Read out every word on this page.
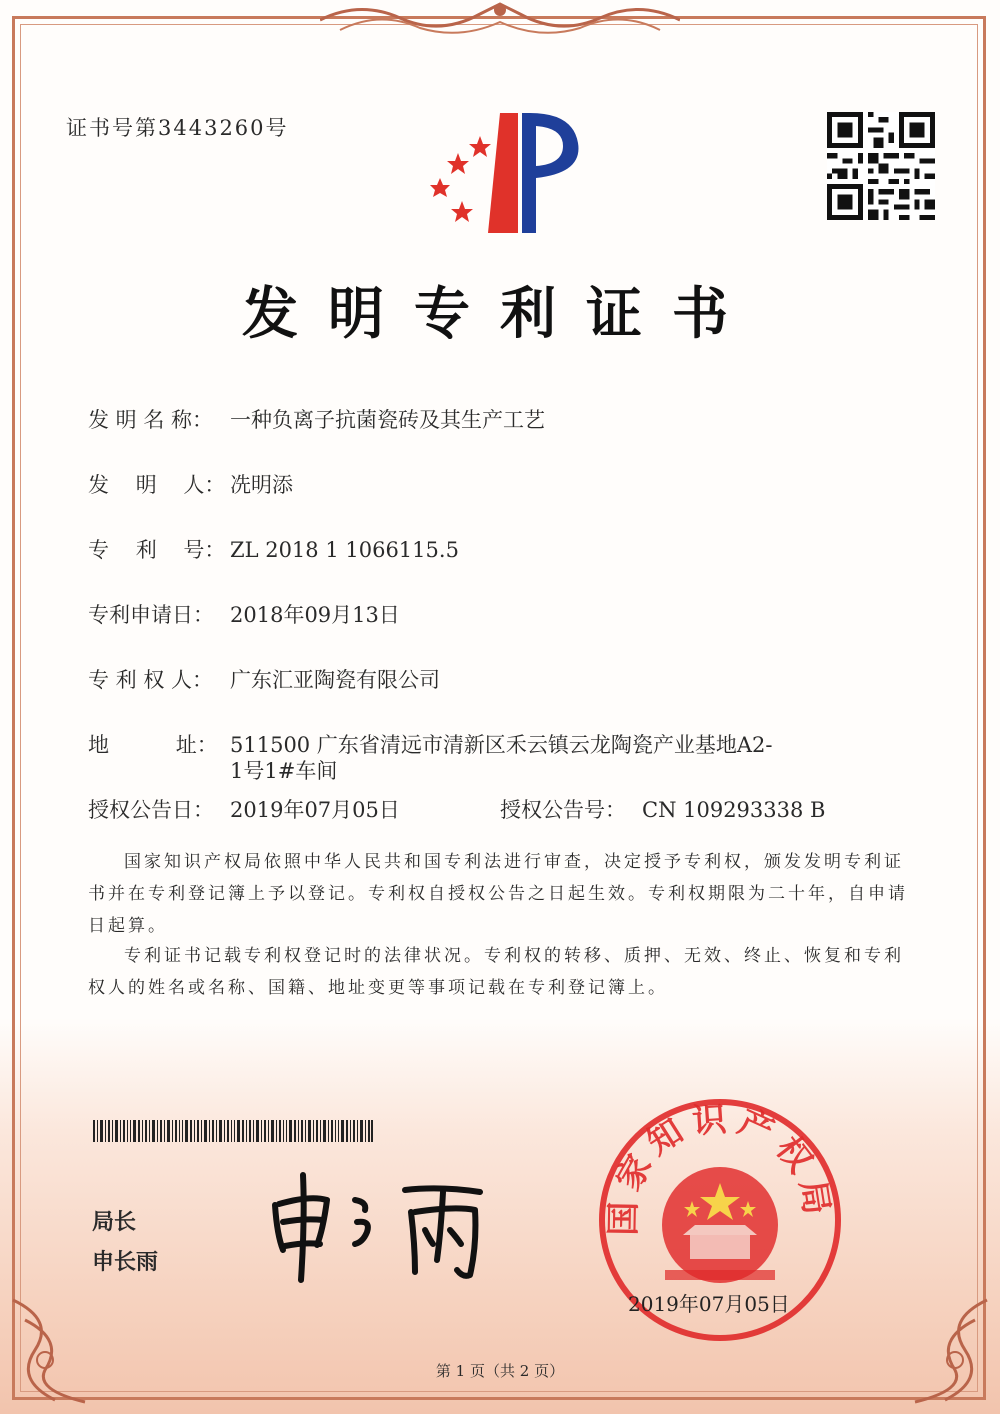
证书号第3443260号
发明专利证书
发 明 名 称： 一种负离子抗菌瓷砖及其生产工艺
发    明    人： 冼明添
专    利    号： ZL 2018 1 1066115.5
专利申请日： 2018年09月13日
专 利 权 人： 广东汇亚陶瓷有限公司
地          址： 511500 广东省清远市清新区禾云镇云龙陶瓷产业基地A2-1号1#车间
授权公告日： 2019年07月05日	授权公告号： CN 109293338 B
国家知识产权局依照中华人民共和国专利法进行审查，决定授予专利权，颁发发明专利证书并在专利登记簿上予以登记。专利权自授权公告之日起生效。专利权期限为二十年，自申请日起算。
专利证书记载专利权登记时的法律状况。专利权的转移、质押、无效、终止、恢复和专利权人的姓名或名称、国籍、地址变更等事项记载在专利登记簿上。
局长
申长雨
国家知识产权局
2019年07月05日
第 1 页（共 2 页）
